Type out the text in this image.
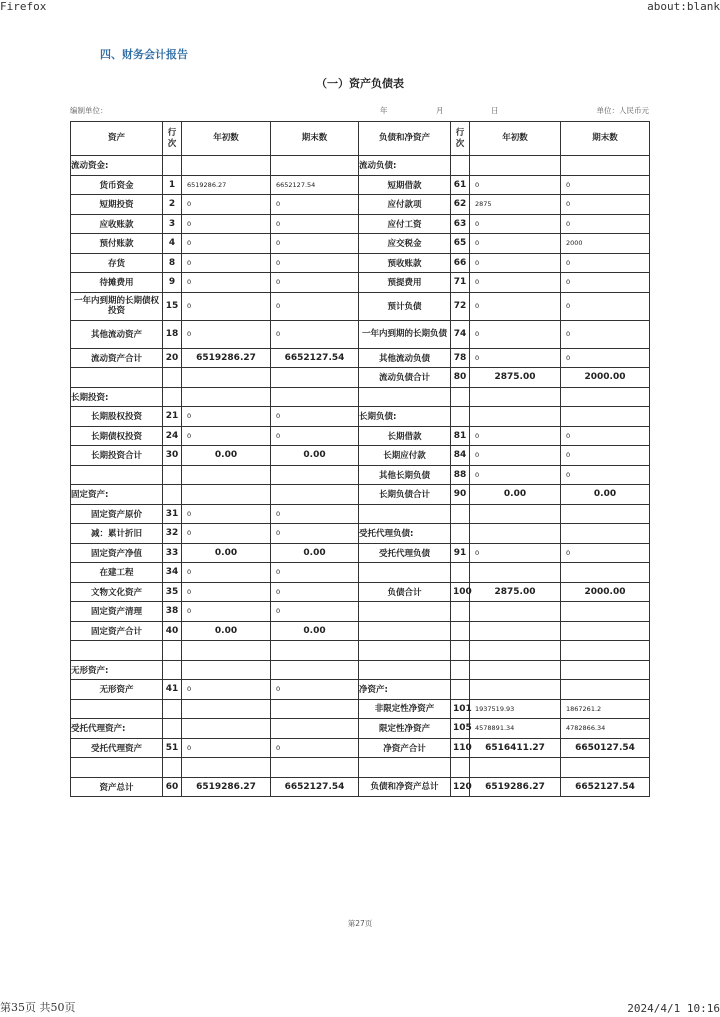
Firefox	about:blank
四、财务会计报告
（一）资产负债表
编制单位：	年	月	日	单位：人民币元
资产	行次	年初数	期末数	负债和净资产	行次	年初数	期末数
流动资金:				流动负债:			
货币资金	1	6519286.27	6652127.54	短期借款	61	0	0
短期投资	2	0	0	应付款项	62	2875	0
应收账款	3	0	0	应付工资	63	0	0
预付账款	4	0	0	应交税金	65	0	2000
存货	8	0	0	预收账款	66	0	0
待摊费用	9	0	0	预提费用	71	0	0
一年内到期的长期债权投资	15	0	0	预计负债	72	0	0
其他流动资产	18	0	0	一年内到期的长期负债	74	0	0
流动资产合计	20	6519286.27	6652127.54	其他流动负债	78	0	0
				流动负债合计	80	2875.00	2000.00
长期投资:							
长期股权投资	21	0	0	长期负债:			
长期债权投资	24	0	0	长期借款	81	0	0
长期投资合计	30	0.00	0.00	长期应付款	84	0	0
				其他长期负债	88	0	0
固定资产:				长期负债合计	90	0.00	0.00
固定资产原价	31	0	0				
减：累计折旧	32	0	0	受托代理负债:			
固定资产净值	33	0.00	0.00	受托代理负债	91	0	0
在建工程	34	0	0				
文物文化资产	35	0	0	负债合计	100	2875.00	2000.00
固定资产清理	38	0	0				
固定资产合计	40	0.00	0.00				

无形资产:							
无形资产	41	0	0	净资产:			
				非限定性净资产	101	1937519.93	1867261.2
受托代理资产:				限定性净资产	105	4578891.34	4782866.34
受托代理资产	51	0	0	净资产合计	110	6516411.27	6650127.54

资产总计	60	6519286.27	6652127.54	负债和净资产总计	120	6519286.27	6652127.54
第27页
第35页 共50页	2024/4/1 10:16
